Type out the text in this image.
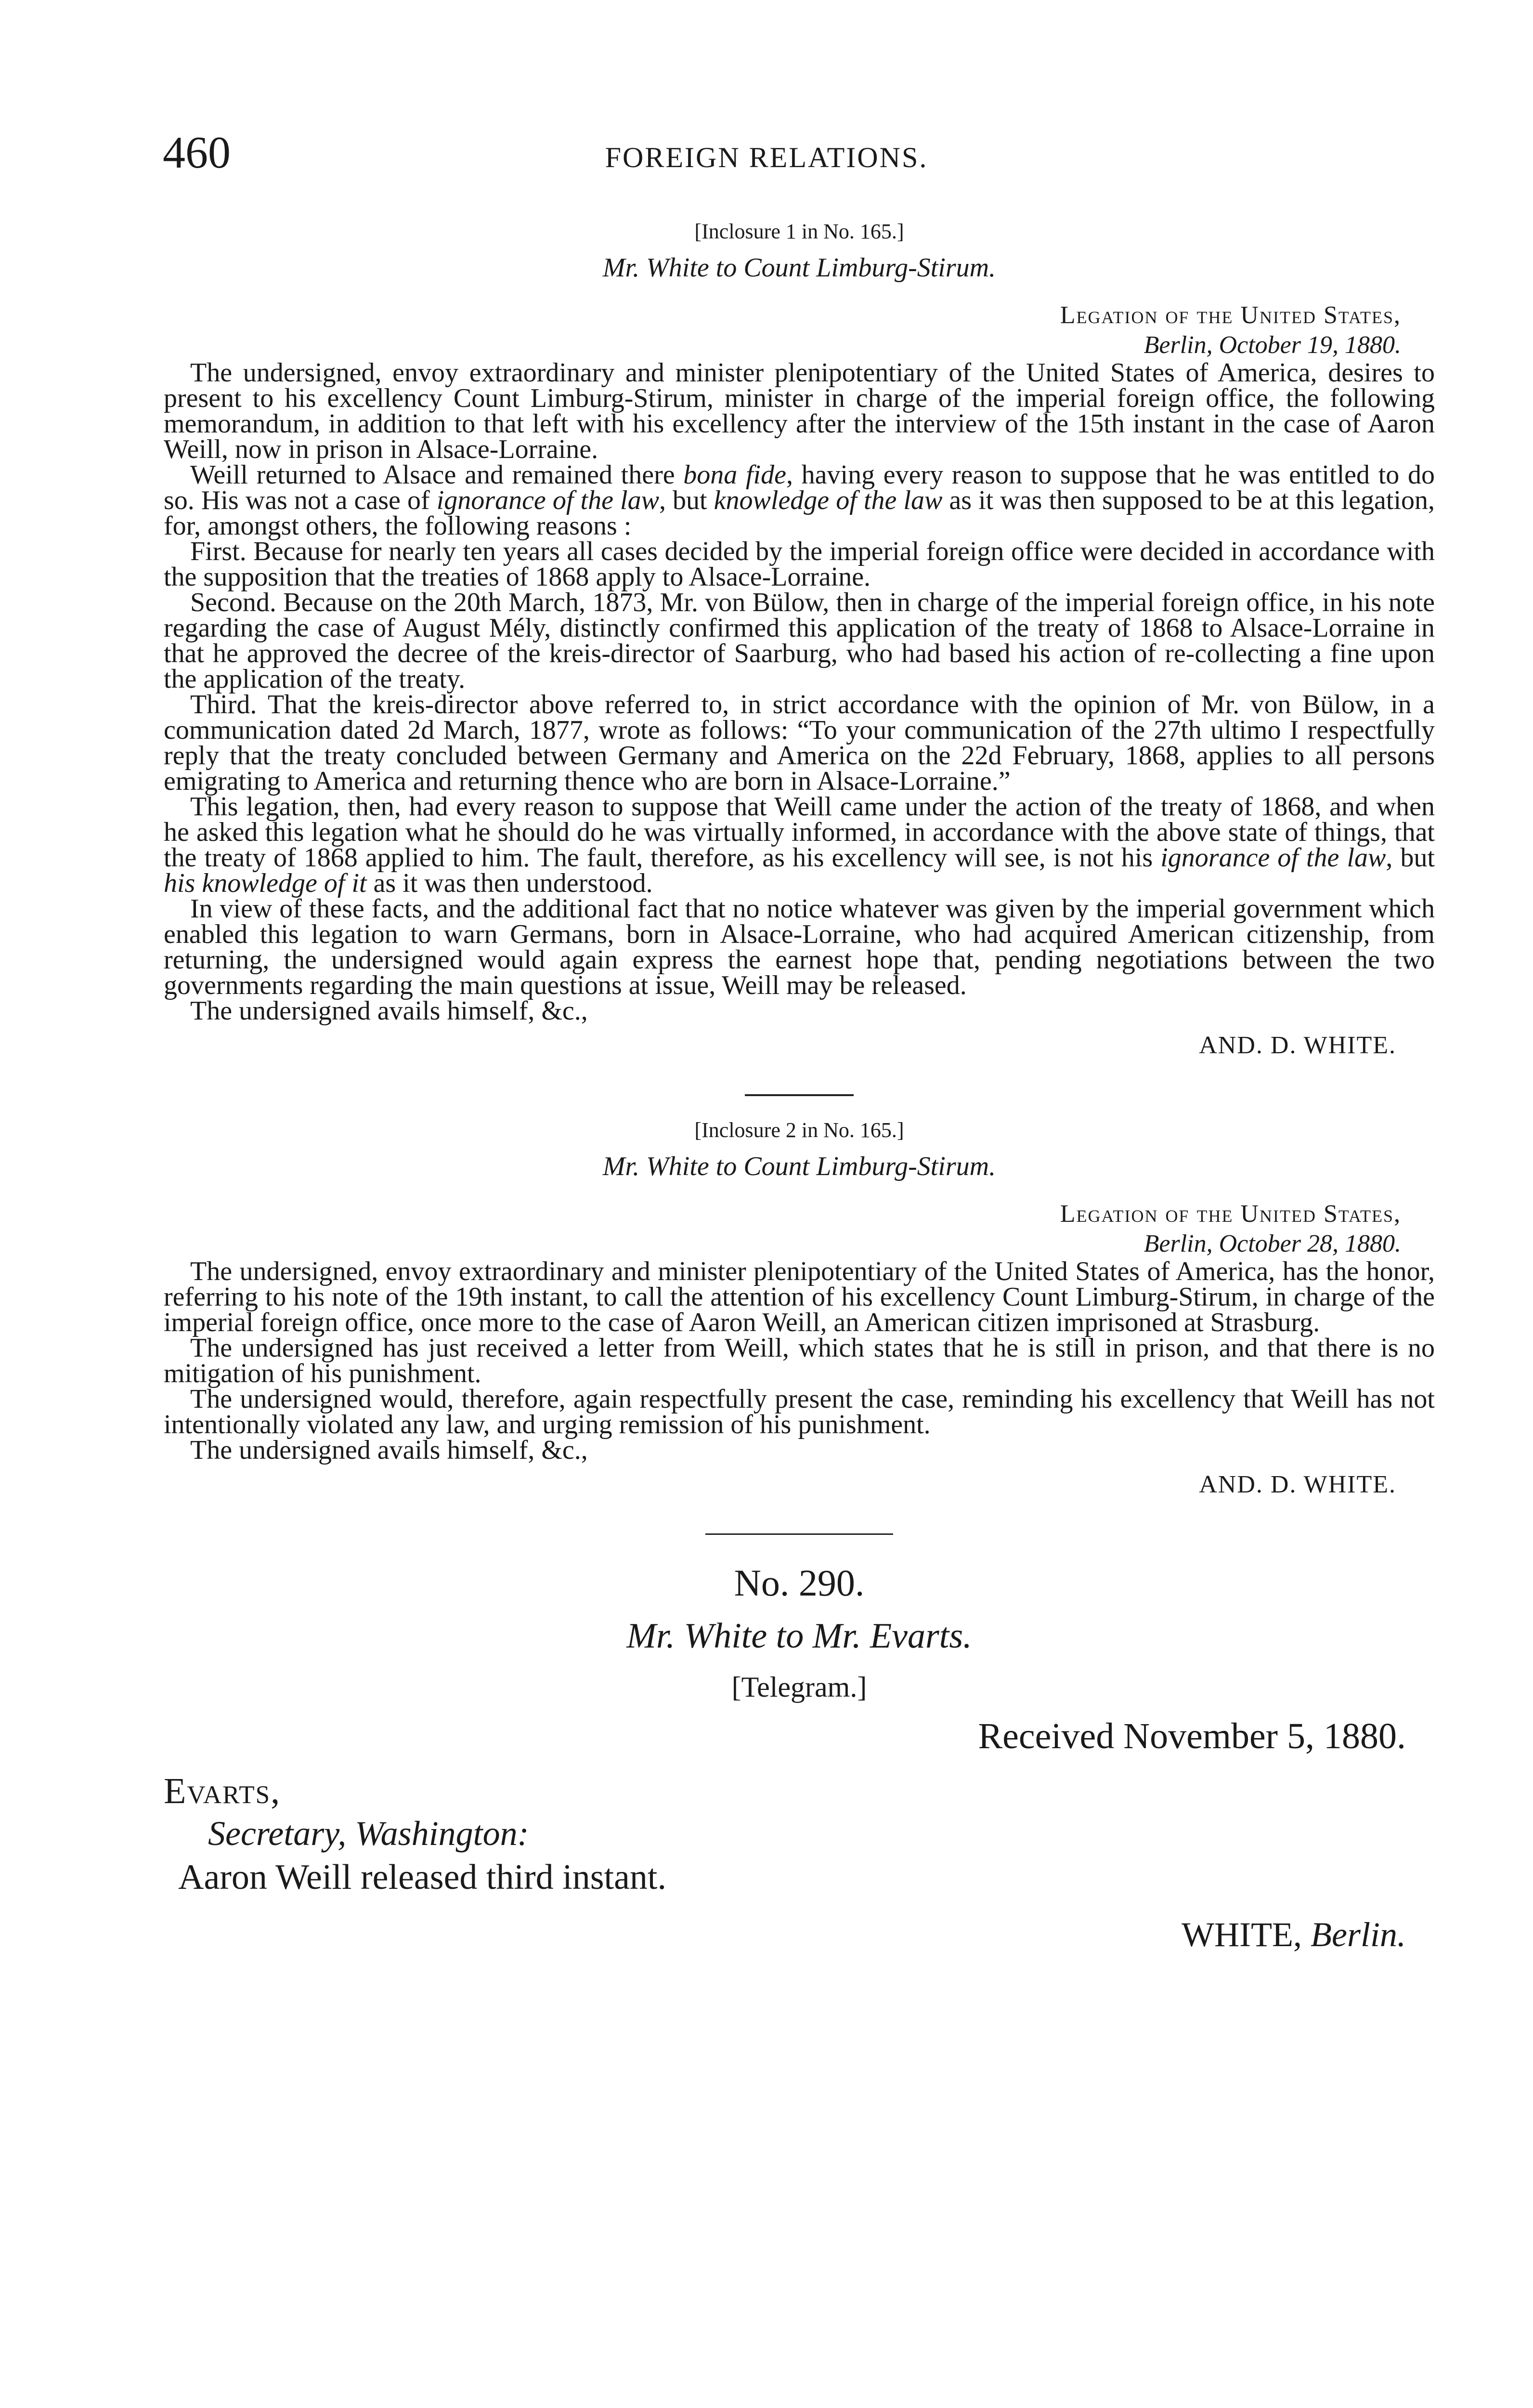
460	FOREIGN RELATIONS.
[Inclosure 1 in No. 165.]
Mr. White to Count Limburg-Stirum.
Legation of the United States,
Berlin, October 19, 1880.

The undersigned, envoy extraordinary and minister plenipotentiary of the United States of America, desires to present to his excellency Count Limburg-Stirum, minister in charge of the imperial foreign office, the following memorandum, in addition to that left with his excellency after the interview of the 15th instant in the case of Aaron Weill, now in prison in Alsace-Lorraine.

Weill returned to Alsace and remained there bona fide, having every reason to suppose that he was entitled to do so. His was not a case of ignorance of the law, but knowledge of the law as it was then supposed to be at this legation, for, amongst others, the following reasons :

First. Because for nearly ten years all cases decided by the imperial foreign office were decided in accordance with the supposition that the treaties of 1868 apply to Alsace-Lorraine.

Second. Because on the 20th March, 1873, Mr. von Bülow, then in charge of the imperial foreign office, in his note regarding the case of August Mély, distinctly confirmed this application of the treaty of 1868 to Alsace-Lorraine in that he approved the decree of the kreis-director of Saarburg, who had based his action of re-collecting a fine upon the application of the treaty.

Third. That the kreis-director above referred to, in strict accordance with the opinion of Mr. von Bülow, in a communication dated 2d March, 1877, wrote as follows: “To your communication of the 27th ultimo I respectfully reply that the treaty concluded between Germany and America on the 22d February, 1868, applies to all persons emigrating to America and returning thence who are born in Alsace-Lorraine.”

This legation, then, had every reason to suppose that Weill came under the action of the treaty of 1868, and when he asked this legation what he should do he was virtually informed, in accordance with the above state of things, that the treaty of 1868 applied to him. The fault, therefore, as his excellency will see, is not his ignorance of the law, but his knowledge of it as it was then understood.

In view of these facts, and the additional fact that no notice whatever was given by the imperial government which enabled this legation to warn Germans, born in Alsace-Lorraine, who had acquired American citizenship, from returning, the undersigned would again express the earnest hope that, pending negotiations between the two governments regarding the main questions at issue, Weill may be released.

The undersigned avails himself, &c.,

AND. D. WHITE.
[Inclosure 2 in No. 165.]
Mr. White to Count Limburg-Stirum.
Legation of the United States,
Berlin, October 28, 1880.

The undersigned, envoy extraordinary and minister plenipotentiary of the United States of America, has the honor, referring to his note of the 19th instant, to call the attention of his excellency Count Limburg-Stirum, in charge of the imperial foreign office, once more to the case of Aaron Weill, an American citizen imprisoned at Strasburg.

The undersigned has just received a letter from Weill, which states that he is still in prison, and that there is no mitigation of his punishment.

The undersigned would, therefore, again respectfully present the case, reminding his excellency that Weill has not intentionally violated any law, and urging remission of his punishment.

The undersigned avails himself, &c.,

AND. D. WHITE.
No. 290.
Mr. White to Mr. Evarts.
[Telegram.]
Received November 5, 1880.
Evarts,
Secretary, Washington:
Aaron Weill released third instant.
WHITE, Berlin.
